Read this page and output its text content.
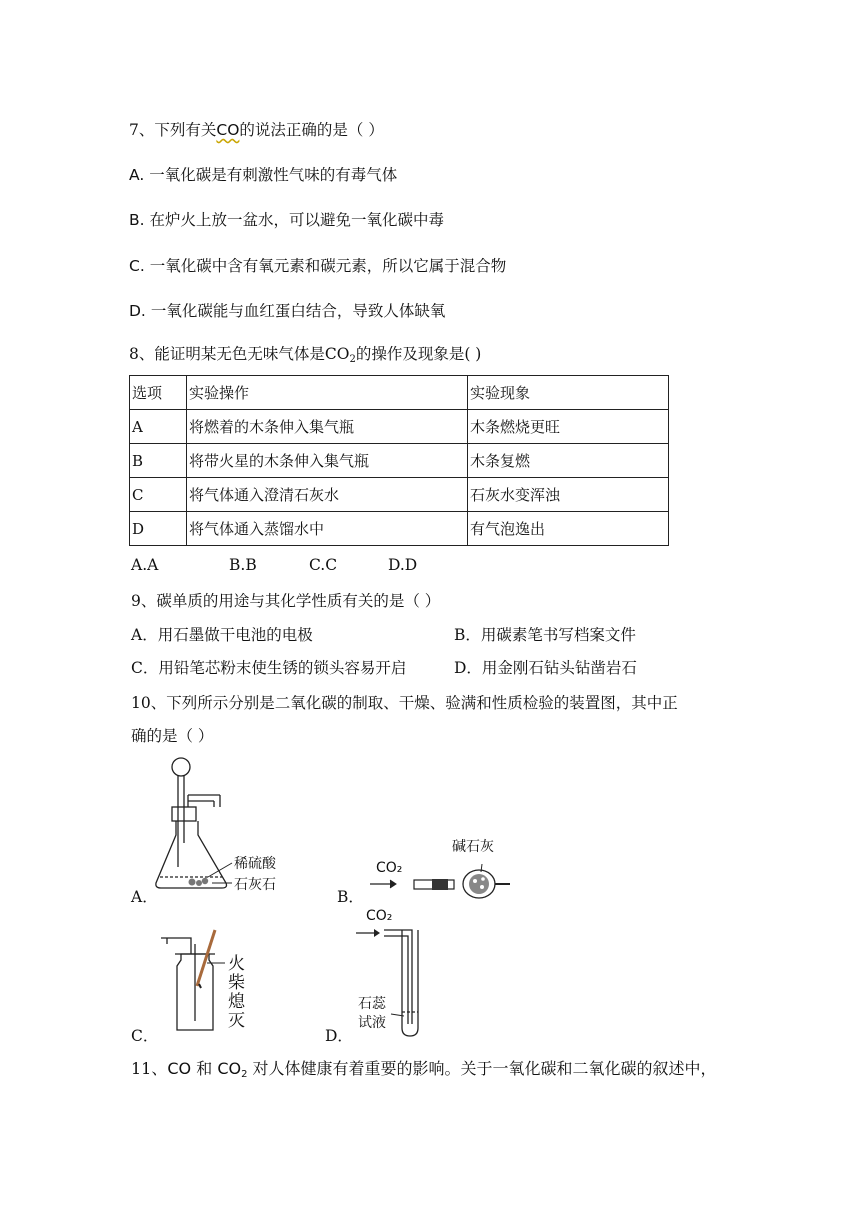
7、下列有关CO的说法正确的是（ ）
A. 一氧化碳是有刺激性气味的有毒气体
B. 在炉火上放一盆水，可以避免一氧化碳中毒
C. 一氧化碳中含有氧元素和碳元素，所以它属于混合物
D. 一氧化碳能与血红蛋白结合，导致人体缺氧
8、能证明某无色无味气体是$CO_2$的操作及现象是( )
选项	实验操作	实验现象
A	将燃着的木条伸入集气瓶	木条燃烧更旺
B	将带火星的木条伸入集气瓶	木条复燃
C	将气体通入澄清石灰水	石灰水变浑浊
D	将气体通入蒸馏水中	有气泡逸出
A.A	B.B	C.C	D.D
9、碳单质的用途与其化学性质有关的是（ ）
A．用石墨做干电池的电极	B．用碳素笔书写档案文件
C．用铅笔芯粉末使生锈的锁头容易开启	D．用金刚石钻头钻凿岩石
10、下列所示分别是二氧化碳的制取、干燥、验满和性质检验的装置图，其中正
确的是（ ）
A．	B．
C．	D．
稀硫酸
石灰石
CO₂
碱石灰
火
柴
熄
灭
CO₂
石蕊
试液
11、CO 和 $CO_2$ 对人体健康有着重要的影响。关于一氧化碳和二氧化碳的叙述中，
